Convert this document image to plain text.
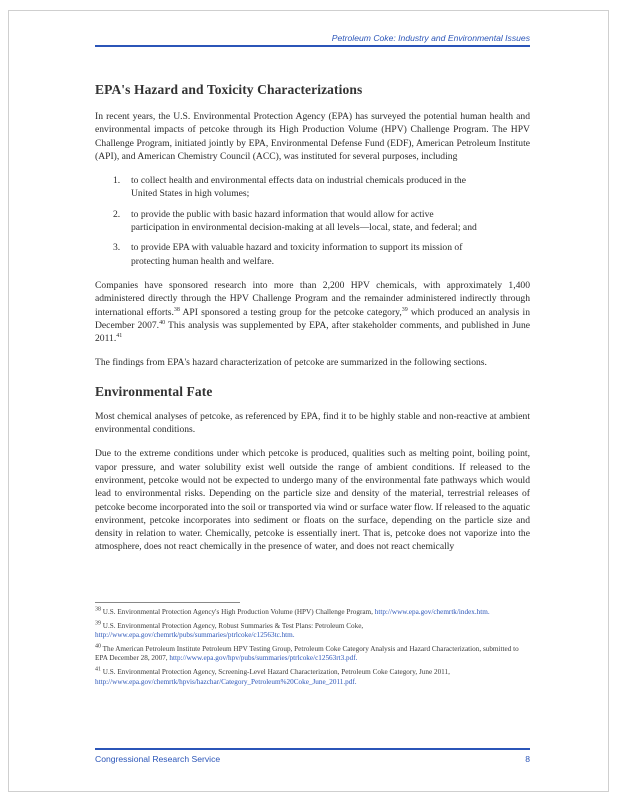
Petroleum Coke: Industry and Environmental Issues
EPA's Hazard and Toxicity Characterizations

In recent years, the U.S. Environmental Protection Agency (EPA) has surveyed the potential human health and environmental impacts of petcoke through its High Production Volume (HPV) Challenge Program. The HPV Challenge Program, initiated jointly by EPA, Environmental Defense Fund (EDF), American Petroleum Institute (API), and American Chemistry Council (ACC), was instituted for several purposes, including

1.	to collect health and environmental effects data on industrial chemicals produced in the United States in high volumes;
2.	to provide the public with basic hazard information that would allow for active participation in environmental decision-making at all levels—local, state, and federal; and
3.	to provide EPA with valuable hazard and toxicity information to support its mission of protecting human health and welfare.

Companies have sponsored research into more than 2,200 HPV chemicals, with approximately 1,400 administered directly through the HPV Challenge Program and the remainder administered indirectly through international efforts.$^{38}$ API sponsored a testing group for the petcoke category,$^{39}$ which produced an analysis in December 2007.40 This analysis was supplemented by EPA, after stakeholder comments, and published in June 2011.41

The findings from EPA's hazard characterization of petcoke are summarized in the following sections.

Environmental Fate

Most chemical analyses of petcoke, as referenced by EPA, find it to be highly stable and non-reactive at ambient environmental conditions.

Due to the extreme conditions under which petcoke is produced, qualities such as melting point, boiling point, vapor pressure, and water solubility exist well outside the range of ambient conditions. If released to the environment, petcoke would not be expected to undergo many of the environmental fate pathways which would lead to environmental risks. Depending on the particle size and density of the material, terrestrial releases of petcoke become incorporated into the soil or transported via wind or surface water flow. If released to the aquatic environment, petcoke incorporates into sediment or floats on the surface, depending on the particle size and density in relation to water. Chemically, petcoke is essentially inert. That is, petcoke does not vaporize into the atmosphere, does not react chemically in the presence of water, and does not react chemically

$^{38}$ U.S. Environmental Protection Agency's High Production Volume (HPV) Challenge Program, http://www.epa.gov/chemrtk/index.htm.

$^{39}$ U.S. Environmental Protection Agency, Robust Summaries & Test Plans: Petroleum Coke, http://www.epa.gov/chemrtk/pubs/summaries/ptrlcoke/c12563tc.htm.

$^{40}$ The American Petroleum Institute Petroleum HPV Testing Group, Petroleum Coke Category Analysis and Hazard Characterization, submitted to EPA December 28, 2007, http://www.epa.gov/hpv/pubs/summaries/ptrlcoke/c12563rt3.pdf.

$^{41}$ U.S. Environmental Protection Agency, Screening-Level Hazard Characterization, Petroleum Coke Category, June 2011, http://www.epa.gov/chemrtk/hpvis/hazchar/Category_Petroleum%20Coke_June_2011.pdf.

Congressional Research Service	8
